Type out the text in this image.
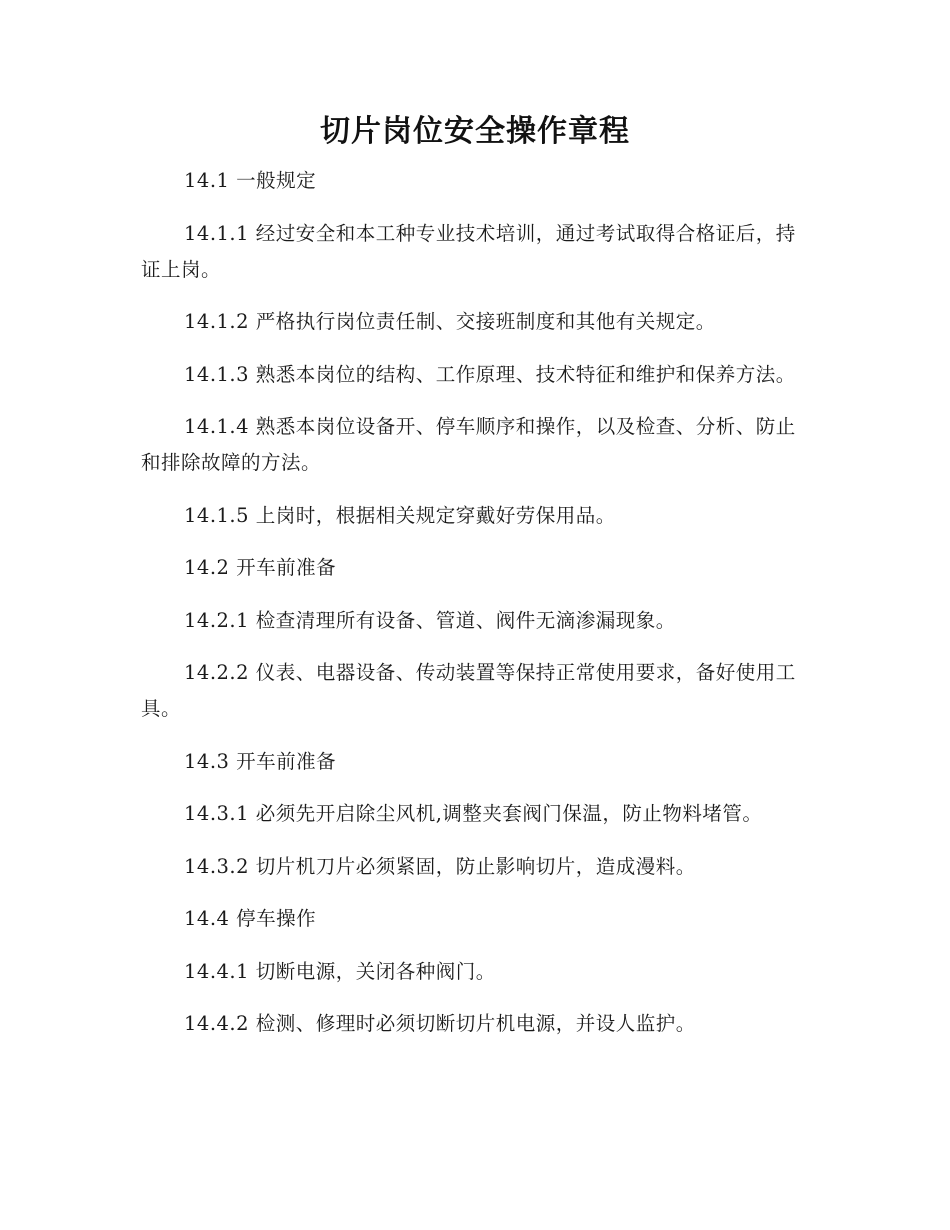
切片岗位安全操作章程

14.1 一般规定

14.1.1 经过安全和本工种专业技术培训，通过考试取得合格证后，持证上岗。

14.1.2 严格执行岗位责任制、交接班制度和其他有关规定。

14.1.3 熟悉本岗位的结构、工作原理、技术特征和维护和保养方法。

14.1.4 熟悉本岗位设备开、停车顺序和操作，以及检查、分析、防止和排除故障的方法。

14.1.5 上岗时，根据相关规定穿戴好劳保用品。

14.2 开车前准备

14.2.1 检查清理所有设备、管道、阀件无滴渗漏现象。

14.2.2 仪表、电器设备、传动装置等保持正常使用要求，备好使用工具。

14.3 开车前准备

14.3.1 必须先开启除尘风机,调整夹套阀门保温，防止物料堵管。

14.3.2 切片机刀片必须紧固，防止影响切片，造成漫料。

14.4 停车操作

14.4.1 切断电源，关闭各种阀门。

14.4.2 检测、修理时必须切断切片机电源，并设人监护。
